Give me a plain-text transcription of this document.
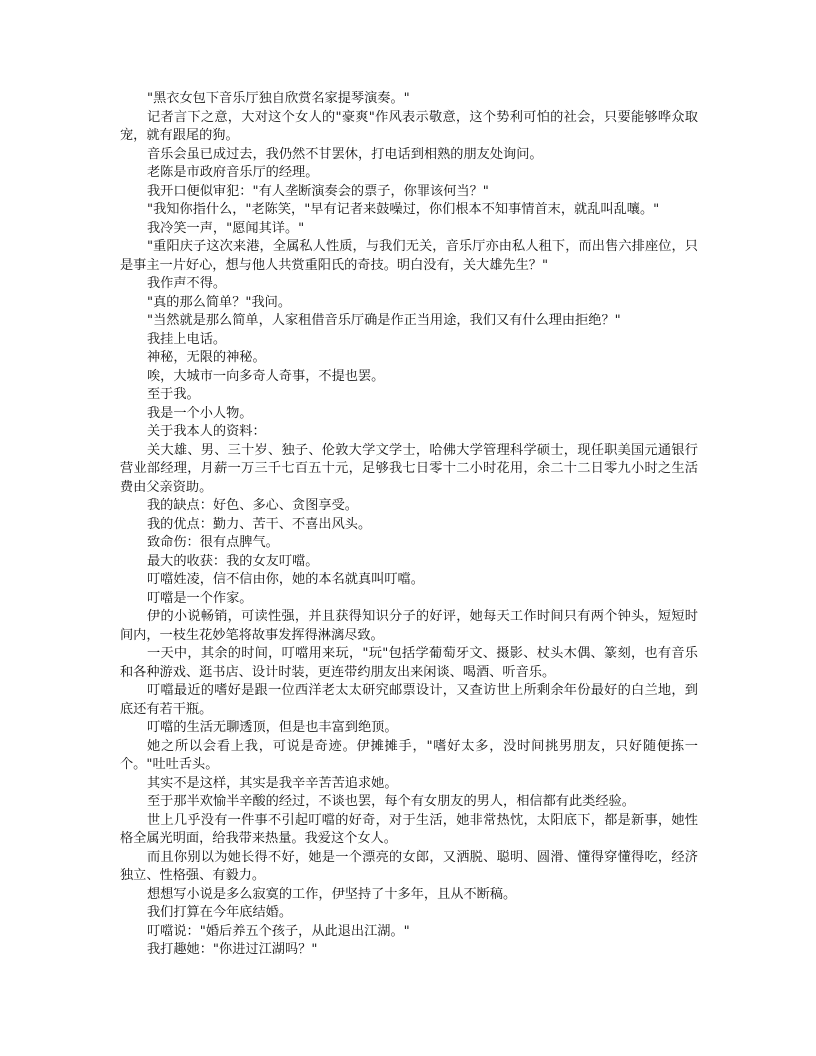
"黑衣女包下音乐厅独自欣赏名家提琴演奏。"

记者言下之意，大对这个女人的"豪爽"作风表示敬意，这个势利可怕的社会，只要能够哗众取宠，就有跟尾的狗。

音乐会虽已成过去，我仍然不甘罢休，打电话到相熟的朋友处询问。

老陈是市政府音乐厅的经理。

我开口便似审犯："有人垄断演奏会的票子，你罪该何当？"

"我知你指什么，"老陈笑，"早有记者来鼓噪过，你们根本不知事情首末，就乱叫乱嚷。"

我冷笑一声，"愿闻其详。"

"重阳庆子这次来港，全属私人性质，与我们无关，音乐厅亦由私人租下，而出售六排座位，只是事主一片好心，想与他人共赏重阳氏的奇技。明白没有，关大雄先生？"

我作声不得。

"真的那么简单？"我问。

"当然就是那么简单，人家租借音乐厅确是作正当用途，我们又有什么理由拒绝？"

我挂上电话。

神秘，无限的神秘。

唉，大城市一向多奇人奇事，不提也罢。

至于我。

我是一个小人物。

关于我本人的资料：

关大雄、男、三十岁、独子、伦敦大学文学士，哈佛大学管理科学硕士，现任职美国元通银行营业部经理，月薪一万三千七百五十元，足够我七日零十二小时花用，余二十二日零九小时之生活费由父亲资助。

我的缺点：好色、多心、贪图享受。

我的优点：勤力、苦干、不喜出风头。

致命伤：很有点脾气。

最大的收获：我的女友叮噹。

叮噹姓凌，信不信由你，她的本名就真叫叮噹。

叮噹是一个作家。

伊的小说畅销，可读性强，并且获得知识分子的好评，她每天工作时间只有两个钟头，短短时间内，一枝生花妙笔将故事发挥得淋漓尽致。

一天中，其余的时间，叮噹用来玩，"玩"包括学葡萄牙文、摄影、杖头木偶、篆刻，也有音乐和各种游戏、逛书店、设计时装，更连带约朋友出来闲谈、喝酒、听音乐。

叮噹最近的嗜好是跟一位西洋老太太研究邮票设计，又查访世上所剩余年份最好的白兰地，到底还有若干瓶。

叮噹的生活无聊透顶，但是也丰富到绝顶。

她之所以会看上我，可说是奇迹。伊摊摊手，"嗜好太多，没时间挑男朋友，只好随便拣一个。"吐吐舌头。

其实不是这样，其实是我辛辛苦苦追求她。

至于那半欢愉半辛酸的经过，不谈也罢，每个有女朋友的男人，相信都有此类经验。

世上几乎没有一件事不引起叮噹的好奇，对于生活，她非常热忱，太阳底下，都是新事，她性格全属光明面，给我带来热量。我爱这个女人。

而且你别以为她长得不好，她是一个漂亮的女郎，又洒脱、聪明、圆滑、懂得穿懂得吃，经济独立、性格强、有毅力。

想想写小说是多么寂寞的工作，伊坚持了十多年，且从不断稿。

我们打算在今年底结婚。

叮噹说："婚后养五个孩子，从此退出江湖。"

我打趣她："你进过江湖吗？"
